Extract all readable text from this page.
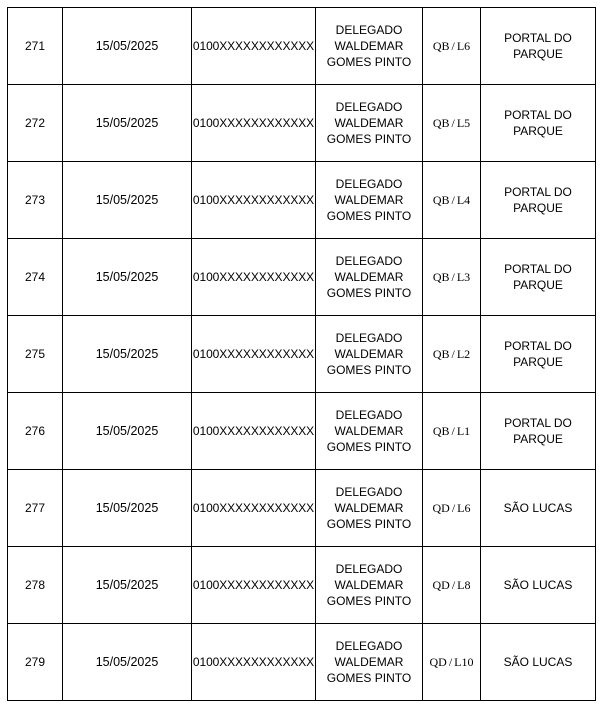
271	15/05/2025	0100XXXXXXXXXXXX	DELEGADO
WALDEMAR
GOMES PINTO	QB / L6	PORTAL DO
PARQUE

272	15/05/2025	0100XXXXXXXXXXXX	DELEGADO
WALDEMAR
GOMES PINTO	QB / L5	PORTAL DO
PARQUE

273	15/05/2025	0100XXXXXXXXXXXX	DELEGADO
WALDEMAR
GOMES PINTO	QB / L4	PORTAL DO
PARQUE

274	15/05/2025	0100XXXXXXXXXXXX	DELEGADO
WALDEMAR
GOMES PINTO	QB / L3	PORTAL DO
PARQUE

275	15/05/2025	0100XXXXXXXXXXXX	DELEGADO
WALDEMAR
GOMES PINTO	QB / L2	PORTAL DO
PARQUE

276	15/05/2025	0100XXXXXXXXXXXX	DELEGADO
WALDEMAR
GOMES PINTO	QB / L1	PORTAL DO
PARQUE

277	15/05/2025	0100XXXXXXXXXXXX	DELEGADO
WALDEMAR
GOMES PINTO	QD / L6	SÃO LUCAS

278	15/05/2025	0100XXXXXXXXXXXX	DELEGADO
WALDEMAR
GOMES PINTO	QD / L8	SÃO LUCAS

279	15/05/2025	0100XXXXXXXXXXXX	DELEGADO
WALDEMAR
GOMES PINTO	QD / L10	SÃO LUCAS
